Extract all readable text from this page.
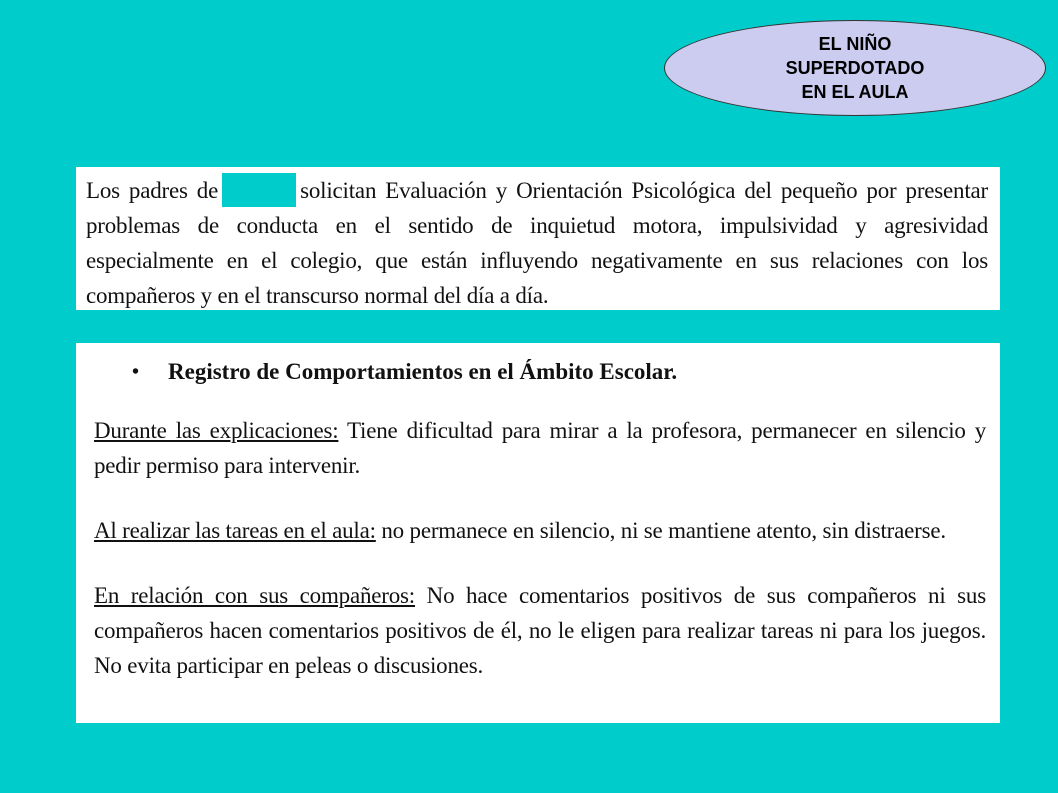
EL NIÑO
SUPERDOTADO
EN EL AULA

Los padres de	solicitan Evaluación y Orientación Psicológica del pequeño por presentar problemas de conducta en el sentido de inquietud motora, impulsividad y agresividad especialmente en el colegio, que están influyendo negativamente en sus relaciones con los compañeros y en el transcurso normal del día a día.

•	Registro de Comportamientos en el Ámbito Escolar.

Durante las explicaciones: Tiene dificultad para mirar a la profesora, permanecer en silencio y pedir permiso para intervenir.

Al realizar las tareas en el aula: no permanece en silencio, ni se mantiene atento, sin distraerse.

En relación con sus compañeros: No hace comentarios positivos de sus compañeros ni sus compañeros hacen comentarios positivos de él, no le eligen para realizar tareas ni para los juegos. No evita participar en peleas o discusiones.
